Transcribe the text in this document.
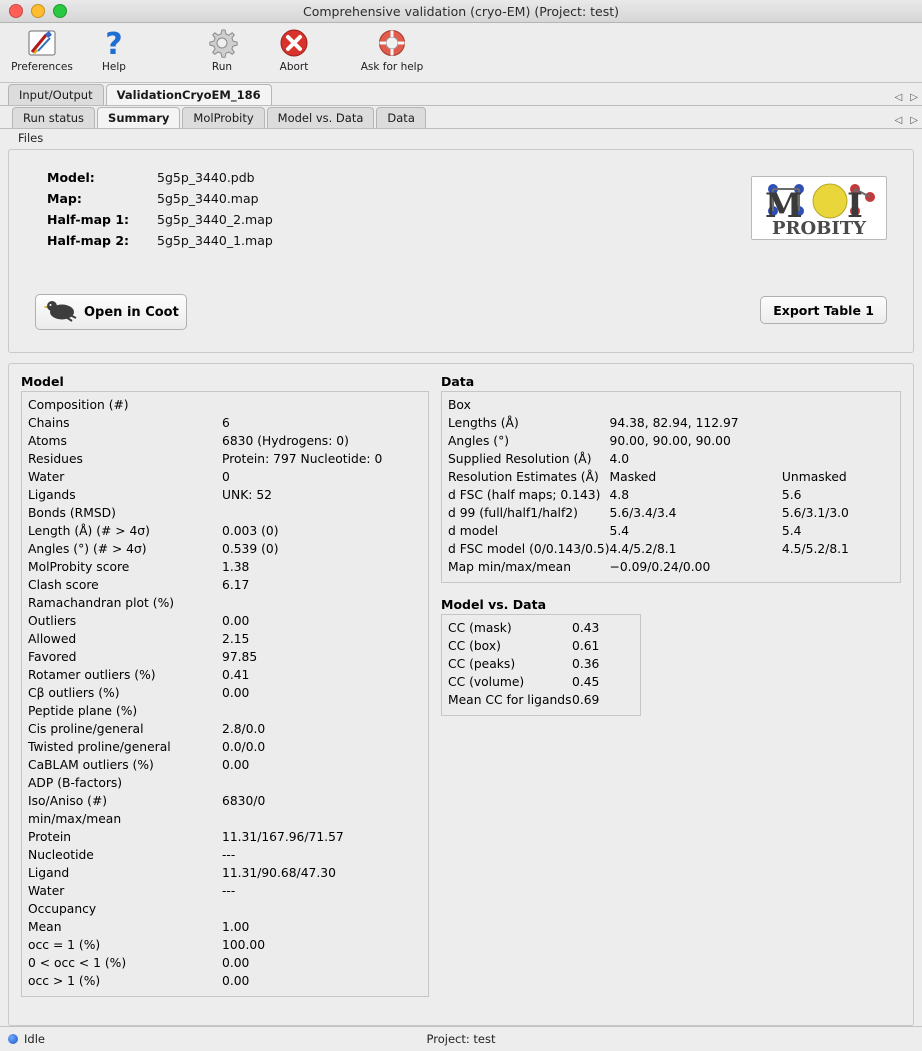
Comprehensive validation (cryo-EM) (Project: test)
Preferences
?
Help	Run	Abort	Ask for help
Input/Output	ValidationCryoEM_186	◁ ▷
Run status	Summary	MolProbity	Model vs. Data	Data	◁ ▷
Files
Model:	5g5p_3440.pdb
Map:	5g5p_3440.map
Half-map 1:	5g5p_3440_2.map
Half-map 2:	5g5p_3440_1.map
Open in Coot	Export Table 1
M I
PROBITY
Model
Composition (#)	
Chains	6
Atoms	6830 (Hydrogens: 0)
Residues	Protein: 797 Nucleotide: 0
Water	0
Ligands	UNK: 52
Bonds (RMSD)	
Length (Å) (# > 4σ)	0.003 (0)
Angles (°) (# > 4σ)	0.539 (0)
MolProbity score	1.38
Clash score	6.17
Ramachandran plot (%)	
Outliers	0.00
Allowed	2.15
Favored	97.85
Rotamer outliers (%)	0.41
Cβ outliers (%)	0.00
Peptide plane (%)	
Cis proline/general	2.8/0.0
Twisted proline/general	0.0/0.0
CaBLAM outliers (%)	0.00
ADP (B-factors)	
Iso/Aniso (#)	6830/0
min/max/mean	
Protein	11.31/167.96/71.57
Nucleotide	---
Ligand	11.31/90.68/47.30
Water	---
Occupancy	
Mean	1.00
occ = 1 (%)	100.00
0 < occ < 1 (%)	0.00
occ > 1 (%)	0.00
Data
Box		
Lengths (Å)	94.38, 82.94, 112.97	
Angles (°)	90.00, 90.00, 90.00	
Supplied Resolution (Å)	4.0	
Resolution Estimates (Å)	Masked	Unmasked
d FSC (half maps; 0.143)	4.8	5.6
d 99 (full/half1/half2)	5.6/3.4/3.4	5.6/3.1/3.0
d model	5.4	5.4
d FSC model (0/0.143/0.5)	4.4/5.2/8.1	4.5/5.2/8.1
Map min/max/mean	−0.09/0.24/0.00	
Model vs. Data
CC (mask)	0.43
CC (box)	0.61
CC (peaks)	0.36
CC (volume)	0.45
Mean CC for ligands	0.69
Idle	Project: test
